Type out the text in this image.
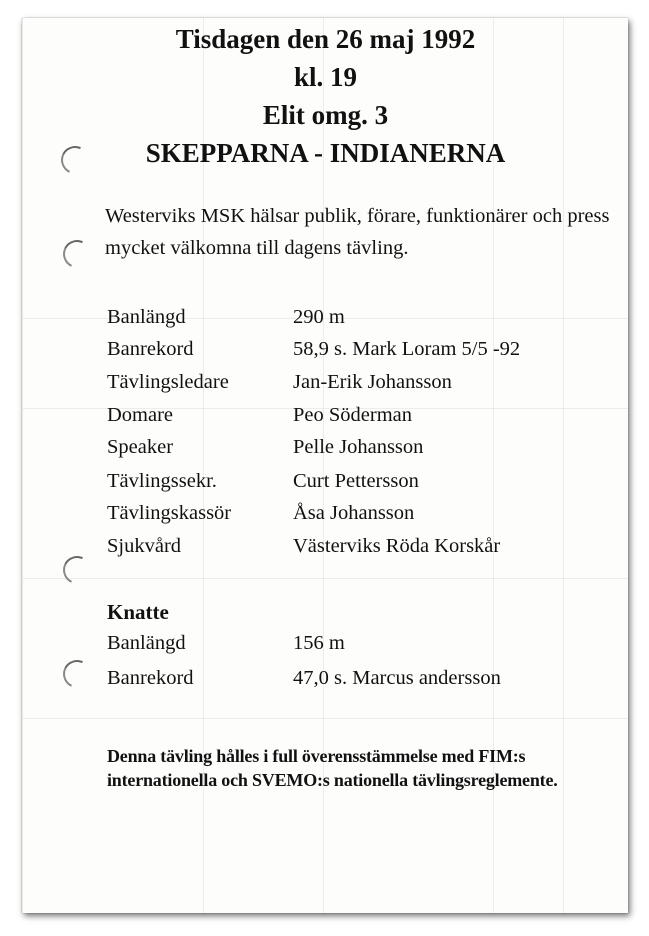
Tisdagen den 26 maj 1992
kl. 19
Elit omg. 3
SKEPPARNA - INDIANERNA
Westerviks MSK hälsar publik, förare, funktionärer och press mycket välkomna till dagens tävling.
Banlängd	290 m
Banrekord	58,9 s. Mark Loram 5/5 -92
Tävlingsledare	Jan-Erik Johansson
Domare	Peo Söderman
Speaker	Pelle Johansson
Tävlingssekr.	Curt Pettersson
Tävlingskassör	Åsa Johansson
Sjukvård	Västerviks Röda Korskår
Knatte
Banlängd	156 m
Banrekord	47,0 s. Marcus andersson
Denna tävling hålles i full överensstämmelse med FIM:s internationella och SVEMO:s nationella tävlingsreglemente.
